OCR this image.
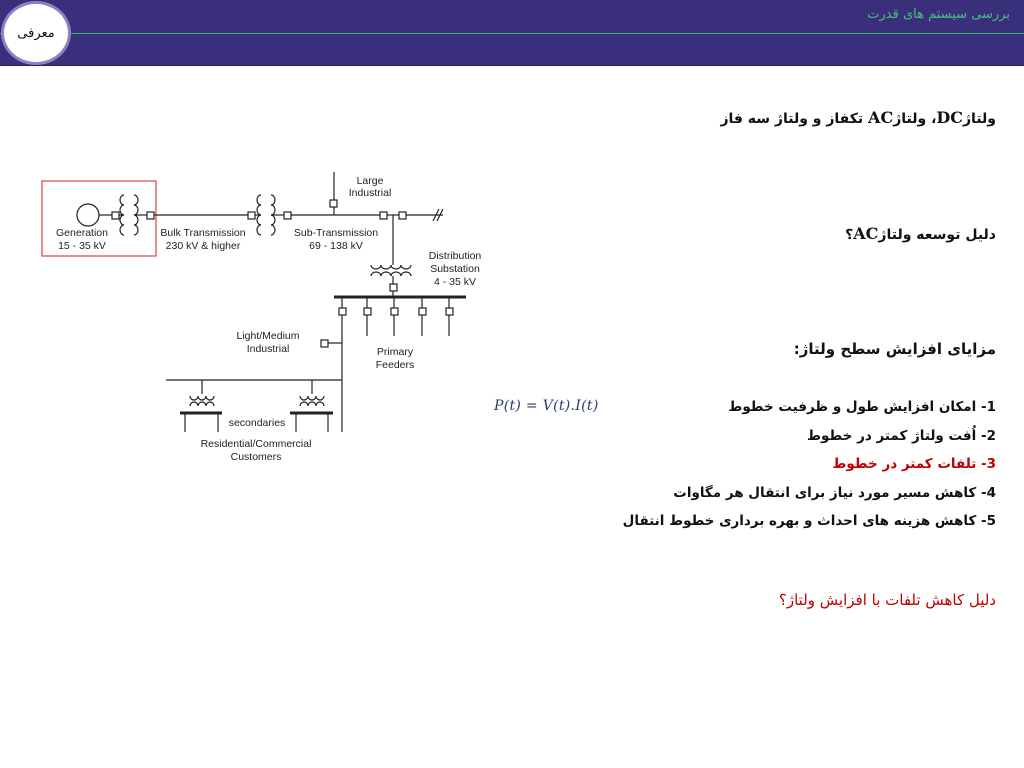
بررسی سیستم های قدرت
معرفی
ولتاژDC، ولتاژAC تکفاز و ولتاژ سه فاز
دلیل توسعه ولتاژAC؟
مزایای افزایش سطح ولتاژ:
1- امکان افزایش طول و ظرفیت خطوط
2- اُفت ولتاژ کمتر در خطوط
3- تلفات کمتر در خطوط
4- کاهش مسیر مورد نیاز برای انتقال هر مگاوات
5- کاهش هزینه های احداث و بهره برداری خطوط انتقال
دلیل کاهش تلفات با افزایش ولتاژ؟
P(t) = V(t).I(t)
Generation
15 - 35 kV
Bulk Transmission
230 kV & higher
Sub-Transmission
69 - 138 kV
Large
Industrial
Distribution
Substation
4 - 35 kV
Light/Medium
Industrial	Primary
Feeders
secondaries
Residential/Commercial
Customers
